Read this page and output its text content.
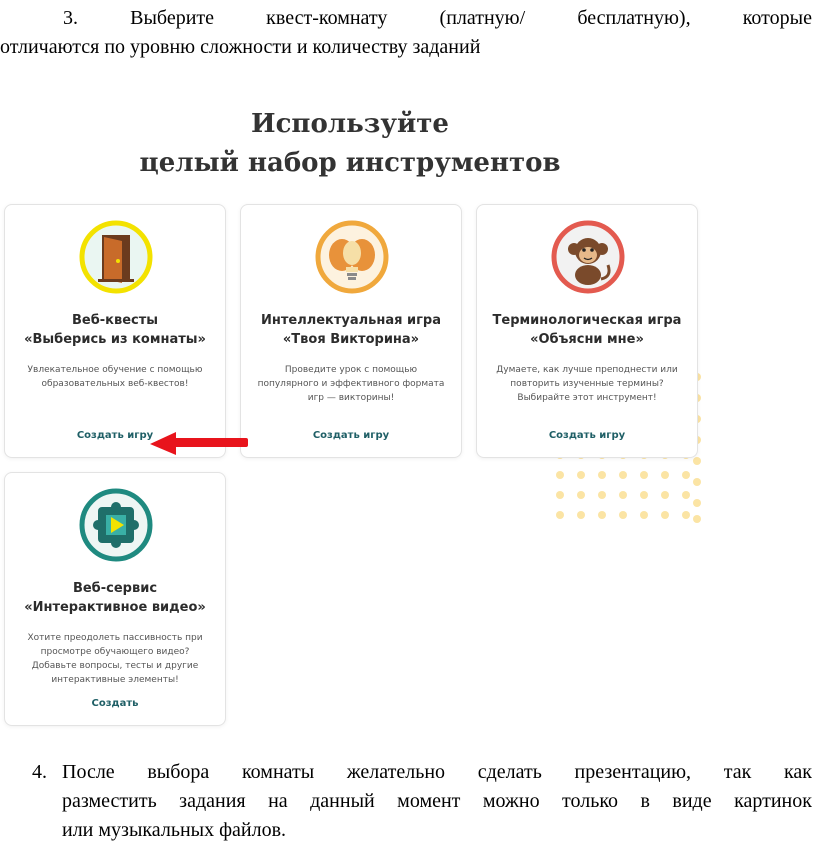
3.	Выберите	квест-комнату	(платную/	бесплатную),	которые
отличаются по уровню сложности и количеству заданий
Используйте
целый набор инструментов
Веб-квесты
«Выберись из комнаты»
Увлекательное обучение с помощью
образовательных веб-квестов!
Создать игру
Интеллектуальная игра
«Твоя Викторина»
Проведите урок с помощью
популярного и эффективного формата
игр — викторины!
Создать игру
Терминологическая игра
«Объясни мне»
Думаете, как лучше преподнести или
повторить изученные термины?
Выбирайте этот инструмент!
Создать игру
Веб-сервис
«Интерактивное видео»
Хотите преодолеть пассивность при
просмотре обучающего видео?
Добавьте вопросы, тесты и другие
интерактивные элементы!
Создать
4. После выбора комнаты желательно сделать презентацию, так как
разместить задания на данный момент можно только в виде картинок
или музыкальных файлов.
